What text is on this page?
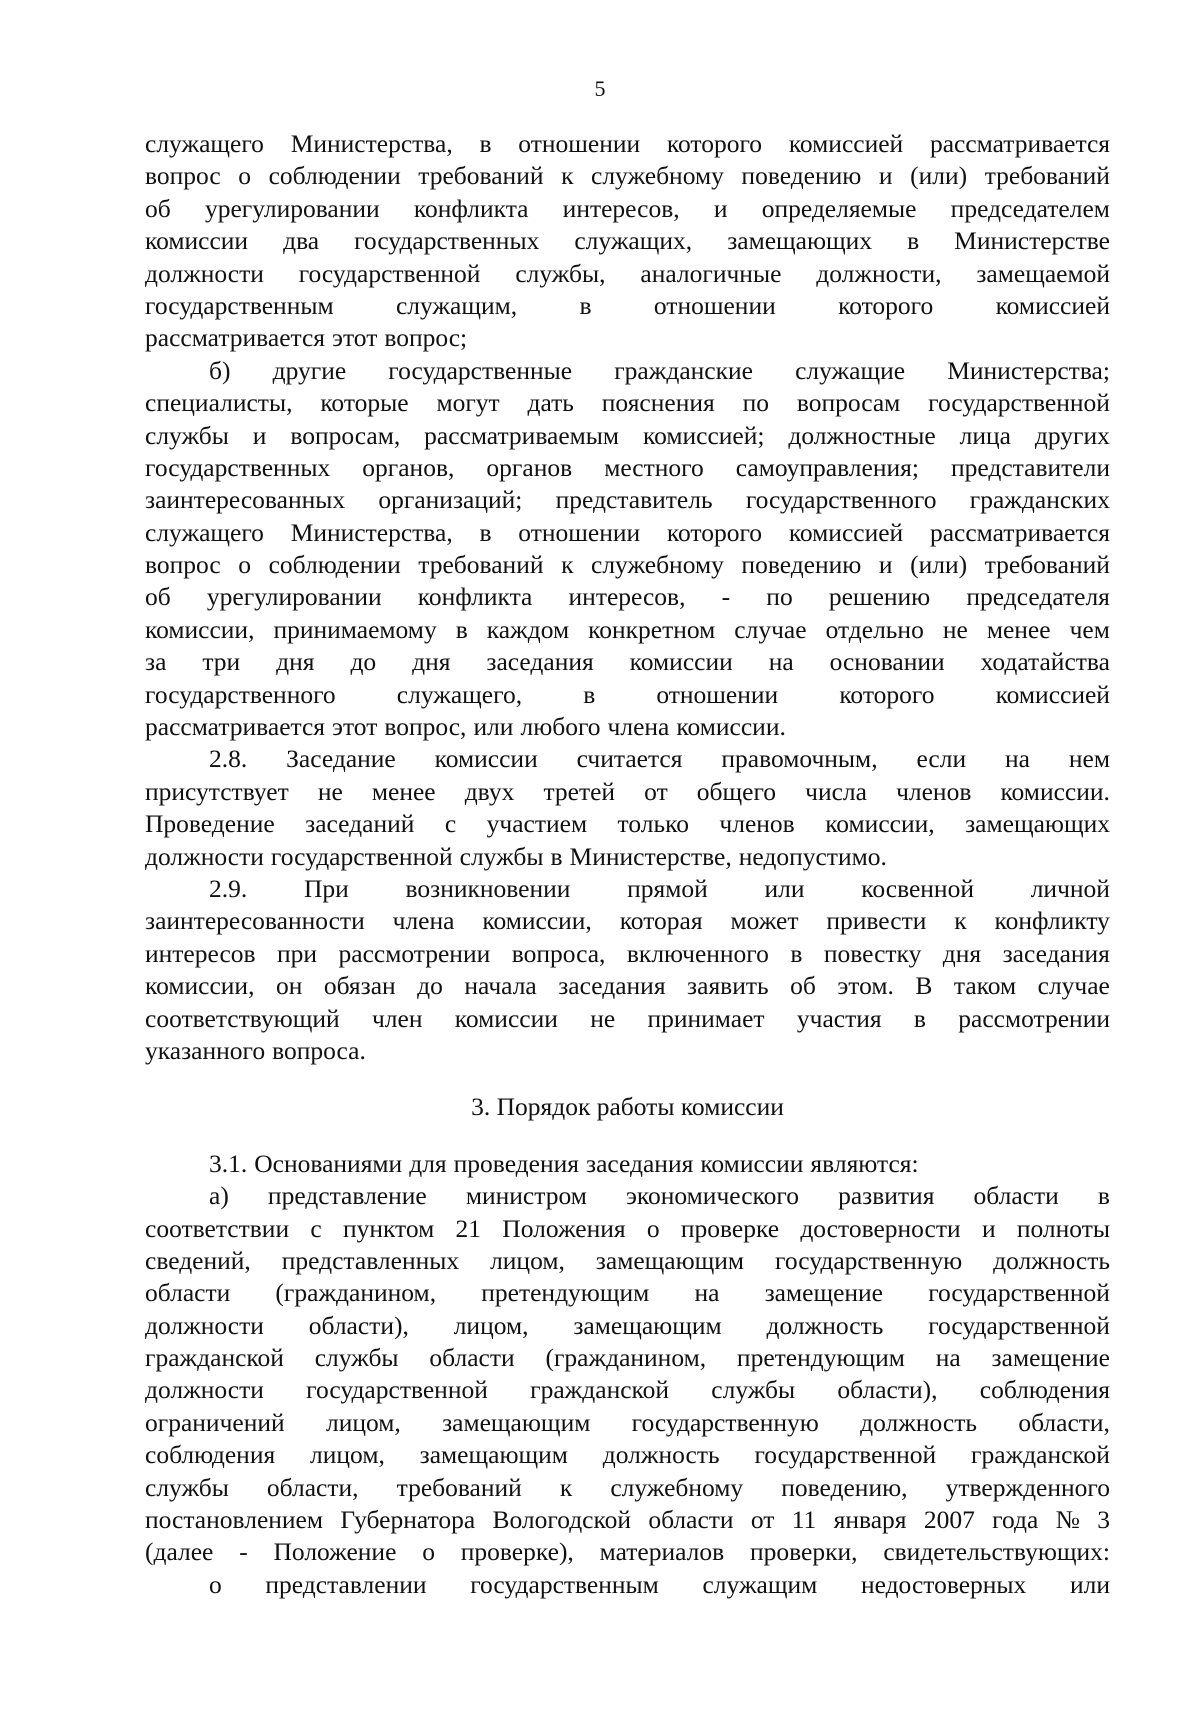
5
служащего Министерства, в отношении которого комиссией рассматривается
вопрос о соблюдении требований к служебному поведению и (или) требований
об урегулировании конфликта интересов, и определяемые председателем
комиссии два государственных служащих, замещающих в Министерстве
должности государственной службы, аналогичные должности, замещаемой
государственным служащим, в отношении которого комиссией
рассматривается этот вопрос;
б) другие государственные гражданские служащие Министерства;
специалисты, которые могут дать пояснения по вопросам государственной
службы и вопросам, рассматриваемым комиссией; должностные лица других
государственных органов, органов местного самоуправления; представители
заинтересованных организаций; представитель государственного гражданских
служащего Министерства, в отношении которого комиссией рассматривается
вопрос о соблюдении требований к служебному поведению и (или) требований
об урегулировании конфликта интересов, - по решению председателя
комиссии, принимаемому в каждом конкретном случае отдельно не менее чем
за три дня до дня заседания комиссии на основании ходатайства
государственного служащего, в отношении которого комиссией
рассматривается этот вопрос, или любого члена комиссии.
2.8. Заседание комиссии считается правомочным, если на нем
присутствует не менее двух третей от общего числа членов комиссии.
Проведение заседаний с участием только членов комиссии, замещающих
должности государственной службы в Министерстве, недопустимо.
2.9. При возникновении прямой или косвенной личной
заинтересованности члена комиссии, которая может привести к конфликту
интересов при рассмотрении вопроса, включенного в повестку дня заседания
комиссии, он обязан до начала заседания заявить об этом. В таком случае
соответствующий член комиссии не принимает участия в рассмотрении
указанного вопроса.
3. Порядок работы комиссии
3.1. Основаниями для проведения заседания комиссии являются:
а) представление министром экономического развития области в
соответствии с пунктом 21 Положения о проверке достоверности и полноты
сведений, представленных лицом, замещающим государственную должность
области (гражданином, претендующим на замещение государственной
должности области), лицом, замещающим должность государственной
гражданской службы области (гражданином, претендующим на замещение
должности государственной гражданской службы области), соблюдения
ограничений лицом, замещающим государственную должность области,
соблюдения лицом, замещающим должность государственной гражданской
службы области, требований к служебному поведению, утвержденного
постановлением Губернатора Вологодской области от 11 января 2007 года № 3
(далее - Положение о проверке), материалов проверки, свидетельствующих:
о представлении государственным служащим недостоверных или
